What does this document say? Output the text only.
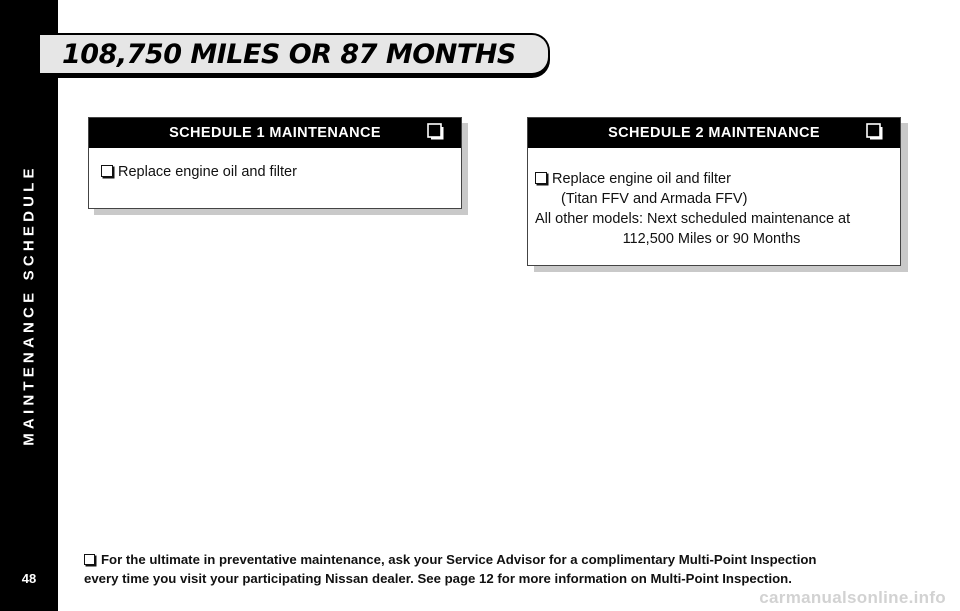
MAINTENANCE SCHEDULE
48
108,750 MILES OR 87 MONTHS
SCHEDULE 1 MAINTENANCE
Replace engine oil and filter
SCHEDULE 2 MAINTENANCE
Replace engine oil and filter
(Titan FFV and Armada FFV)
All other models: Next scheduled maintenance at
112,500 Miles or 90 Months
For the ultimate in preventative maintenance, ask your Service Advisor for a complimentary Multi-Point Inspection
every time you visit your participating Nissan dealer. See page 12 for more information on Multi-Point Inspection.
carmanualsonline.info
